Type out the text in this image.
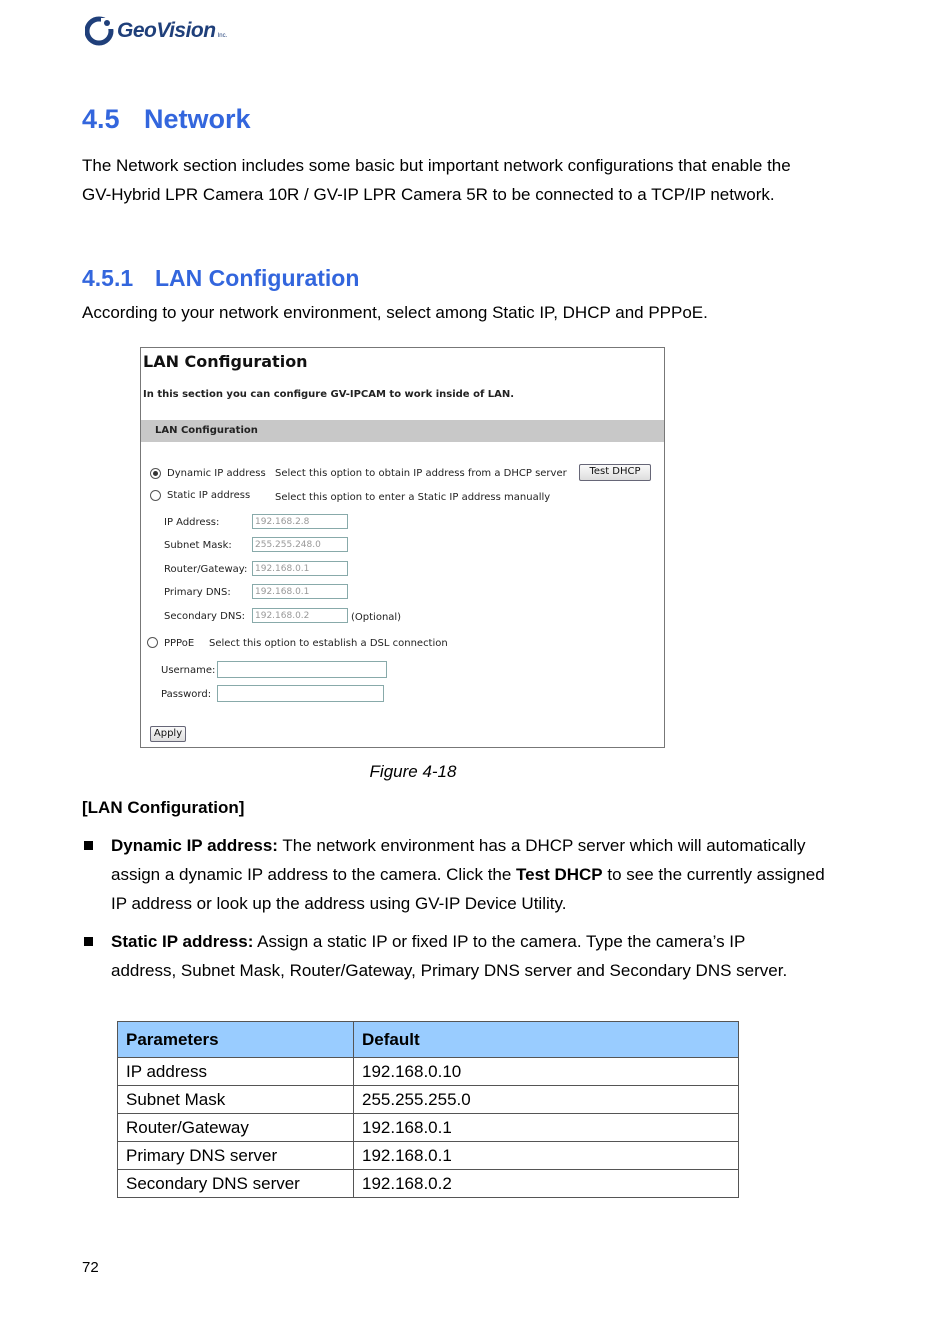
GeoVision Inc.
4.5 Network

The Network section includes some basic but important network configurations that enable the GV-Hybrid LPR Camera 10R / GV-IP LPR Camera 5R to be connected to a TCP/IP network.

4.5.1 LAN Configuration

According to your network environment, select among Static IP, DHCP and PPPoE.

LAN Configuration
In this section you can configure GV-IPCAM to work inside of LAN.
LAN Configuration
Dynamic IP address Select this option to obtain IP address from a DHCP server	Test DHCP
Static IP address Select this option to enter a Static IP address manually
IP Address:	192.168.2.8
Subnet Mask:	255.255.248.0
Router/Gateway: 192.168.0.1
Primary DNS:	192.168.0.1
Secondary DNS:	192.168.0.2	(Optional)
PPPoE Select this option to establish a DSL connection
Username:
Password:
Apply
Figure 4-18

[LAN Configuration]

Dynamic IP address: The network environment has a DHCP server which will automatically assign a dynamic IP address to the camera. Click the Test DHCP to see the currently assigned IP address or look up the address using GV-IP Device Utility.

Static IP address: Assign a static IP or fixed IP to the camera. Type the camera’s IP address, Subnet Mask, Router/Gateway, Primary DNS server and Secondary DNS server.

Parameters	Default
IP address	192.168.0.10
Subnet Mask	255.255.255.0
Router/Gateway	192.168.0.1
Primary DNS server	192.168.0.1
Secondary DNS server	192.168.0.2
72
